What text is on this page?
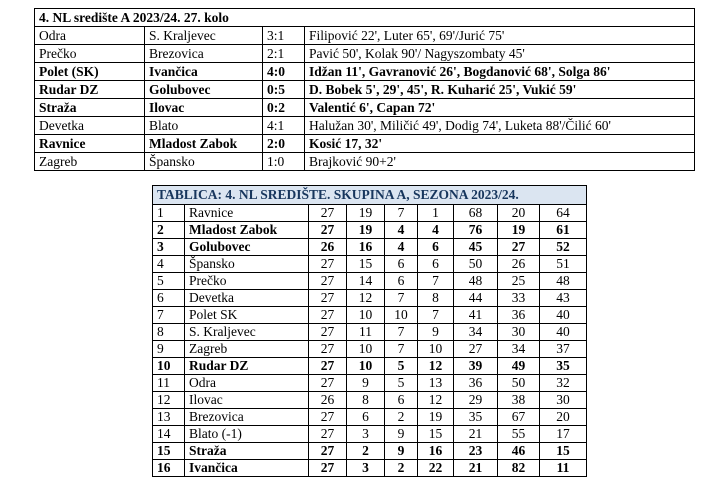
4. NL središte A 2023/24. 27. kolo			
Odra	S. Kraljevec	3:1	Filipović 22', Luter 65', 69'/Jurić 75'
Prečko	Brezovica	2:1	Pavić 50', Kolak 90'/ Nagyszombaty 45'
Polet (SK)	Ivančica	4:0	Idžan 11', Gavranović 26', Bogdanović 68', Solga 86'
Rudar DZ	Golubovec	0:5	D. Bobek 5', 29', 45', R. Kuharić 25', Vukić 59'
Straža	Ilovac	0:2	Valentić 6', Capan 72'
Devetka	Blato	4:1	Halužan 30', Miličić 49', Dodig 74', Luketa 88'/Čilić 60'
Ravnice	Mladost Zabok	2:0	Kosić 17, 32'
Zagreb	Špansko	1:0	Brajković 90+2'
TABLICA: 4. NL SREDIŠTE. SKUPINA A, SEZONA 2023/24.								
1	Ravnice	27	19	7	1	68	20	64
2	Mladost Zabok	27	19	4	4	76	19	61
3	Golubovec	26	16	4	6	45	27	52
4	Špansko	27	15	6	6	50	26	51
5	Prečko	27	14	6	7	48	25	48
6	Devetka	27	12	7	8	44	33	43
7	Polet SK	27	10	10	7	41	36	40
8	S. Kraljevec	27	11	7	9	34	30	40
9	Zagreb	27	10	7	10	27	34	37
10	Rudar DZ	27	10	5	12	39	49	35
11	Odra	27	9	5	13	36	50	32
12	Ilovac	26	8	6	12	29	38	30
13	Brezovica	27	6	2	19	35	67	20
14	Blato (-1)	27	3	9	15	21	55	17
15	Straža	27	2	9	16	23	46	15
16	Ivančica	27	3	2	22	21	82	11
